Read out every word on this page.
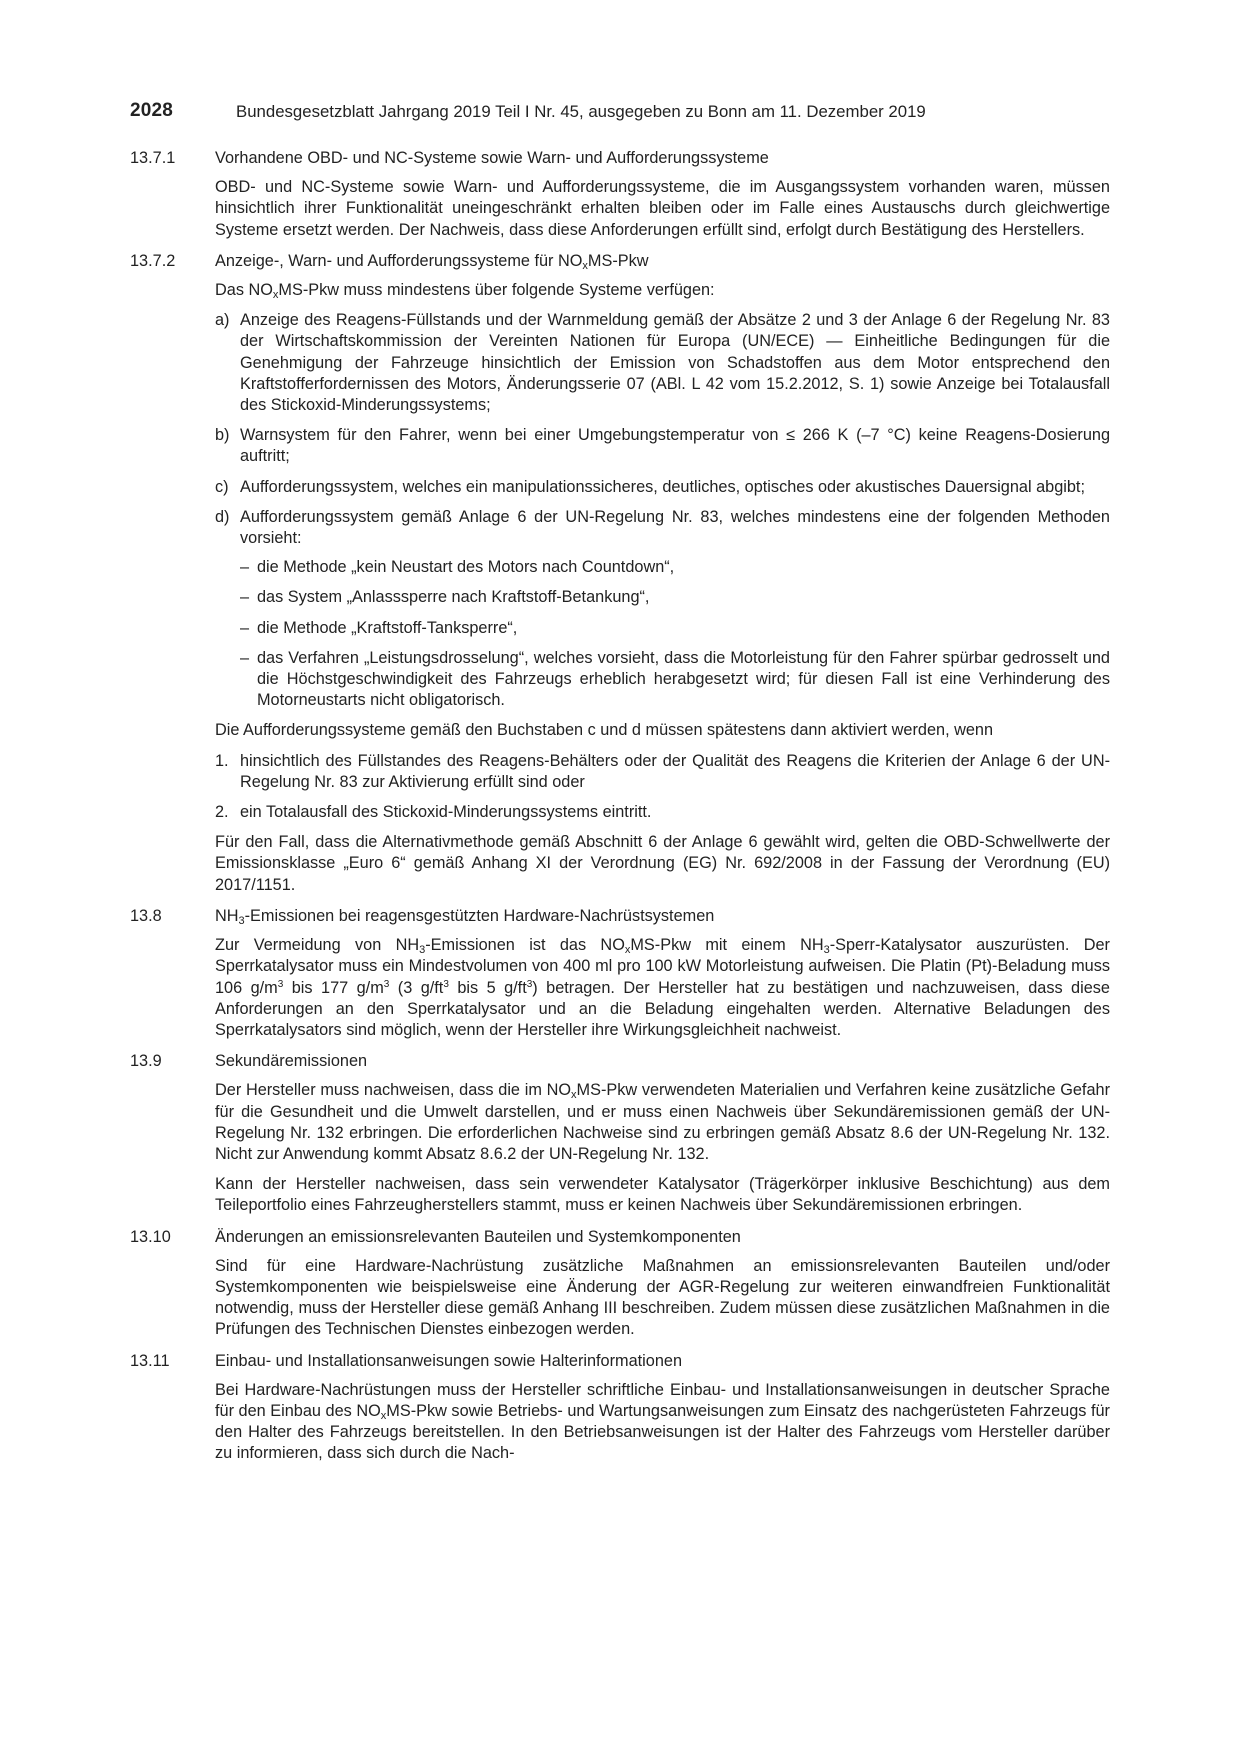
2028	Bundesgesetzblatt Jahrgang 2019 Teil I Nr. 45, ausgegeben zu Bonn am 11. Dezember 2019
13.7.1 Vorhandene OBD- und NC-Systeme sowie Warn- und Aufforderungssysteme
OBD- und NC-Systeme sowie Warn- und Aufforderungssysteme, die im Ausgangssystem vorhanden waren, müssen hinsichtlich ihrer Funktionalität uneingeschränkt erhalten bleiben oder im Falle eines Austauschs durch gleichwertige Systeme ersetzt werden. Der Nachweis, dass diese Anforderungen erfüllt sind, erfolgt durch Bestätigung des Herstellers.
13.7.2 Anzeige-, Warn- und Aufforderungssysteme für $NO_xMS$-Pkw
Das $NO_xMS$-Pkw muss mindestens über folgende Systeme verfügen:
a) Anzeige des Reagens-Füllstands und der Warnmeldung gemäß der Absätze 2 und 3 der Anlage 6 der Regelung Nr. 83 der Wirtschaftskommission der Vereinten Nationen für Europa (UN/ECE) — Einheitliche Bedingungen für die Genehmigung der Fahrzeuge hinsichtlich der Emission von Schadstoffen aus dem Motor entsprechend den Kraftstofferfordernissen des Motors, Änderungsserie 07 (ABl. L 42 vom 15.2.2012, S. 1) sowie Anzeige bei Totalausfall des Stickoxid-Minderungssystems;
b) Warnsystem für den Fahrer, wenn bei einer Umgebungstemperatur von ≤ 266 K (–7 °C) keine Reagens-Dosierung auftritt;
c) Aufforderungssystem, welches ein manipulationssicheres, deutliches, optisches oder akustisches Dauersignal abgibt;
d) Aufforderungssystem gemäß Anlage 6 der UN-Regelung Nr. 83, welches mindestens eine der folgenden Methoden vorsieht:
– die Methode „kein Neustart des Motors nach Countdown“,
– das System „Anlasssperre nach Kraftstoff-Betankung“,
– die Methode „Kraftstoff-Tanksperre“,
– das Verfahren „Leistungsdrosselung“, welches vorsieht, dass die Motorleistung für den Fahrer spürbar gedrosselt und die Höchstgeschwindigkeit des Fahrzeugs erheblich herabgesetzt wird; für diesen Fall ist eine Verhinderung des Motorneustarts nicht obligatorisch.
Die Aufforderungssysteme gemäß den Buchstaben c und d müssen spätestens dann aktiviert werden, wenn
1. hinsichtlich des Füllstandes des Reagens-Behälters oder der Qualität des Reagens die Kriterien der Anlage 6 der UN-Regelung Nr. 83 zur Aktivierung erfüllt sind oder
2. ein Totalausfall des Stickoxid-Minderungssystems eintritt.
Für den Fall, dass die Alternativmethode gemäß Abschnitt 6 der Anlage 6 gewählt wird, gelten die OBD-Schwellwerte der Emissionsklasse „Euro 6“ gemäß Anhang XI der Verordnung (EG) Nr. 692/2008 in der Fassung der Verordnung (EU) 2017/1151.
13.8	$NH_3$-Emissionen bei reagensgestützten Hardware-Nachrüstsystemen
Zur Vermeidung von $NH_3$-Emissionen ist das $NO_xMS$-Pkw mit einem $NH_3-Sperr$-Katalysator auszurüsten. Der Sperrkatalysator muss ein Mindestvolumen von 400 ml pro 100 kW Motorleistung aufweisen. Die Platin (Pt)-Beladung muss 106 $g/m^3$ bis 177 $g/m^3$ (3 $g/ft^3$ bis 5 $g/ft^3$) betragen. Der Hersteller hat zu bestätigen und nachzuweisen, dass diese Anforderungen an den Sperrkatalysator und an die Beladung eingehalten werden. Alternative Beladungen des Sperrkatalysators sind möglich, wenn der Hersteller ihre Wirkungsgleichheit nachweist.
13.9	Sekundäremissionen
Der Hersteller muss nachweisen, dass die im $NO_xMS$-Pkw verwendeten Materialien und Verfahren keine zusätzliche Gefahr für die Gesundheit und die Umwelt darstellen, und er muss einen Nachweis über Sekundäremissionen gemäß der UN-Regelung Nr. 132 erbringen. Die erforderlichen Nachweise sind zu erbringen gemäß Absatz 8.6 der UN-Regelung Nr. 132. Nicht zur Anwendung kommt Absatz 8.6.2 der UN-Regelung Nr. 132.
Kann der Hersteller nachweisen, dass sein verwendeter Katalysator (Trägerkörper inklusive Beschichtung) aus dem Teileportfolio eines Fahrzeugherstellers stammt, muss er keinen Nachweis über Sekundäremissionen erbringen.
13.10	Änderungen an emissionsrelevanten Bauteilen und Systemkomponenten
Sind für eine Hardware-Nachrüstung zusätzliche Maßnahmen an emissionsrelevanten Bauteilen und/oder Systemkomponenten wie beispielsweise eine Änderung der AGR-Regelung zur weiteren einwandfreien Funktionalität notwendig, muss der Hersteller diese gemäß Anhang III beschreiben. Zudem müssen diese zusätzlichen Maßnahmen in die Prüfungen des Technischen Dienstes einbezogen werden.
13.11	Einbau- und Installationsanweisungen sowie Halterinformationen
Bei Hardware-Nachrüstungen muss der Hersteller schriftliche Einbau- und Installationsanweisungen in deutscher Sprache für den Einbau des $NO_xMS$-Pkw sowie Betriebs- und Wartungsanweisungen zum Einsatz des nachgerüsteten Fahrzeugs für den Halter des Fahrzeugs bereitstellen. In den Betriebsanweisungen ist der Halter des Fahrzeugs vom Hersteller darüber zu informieren, dass sich durch die Nach-
